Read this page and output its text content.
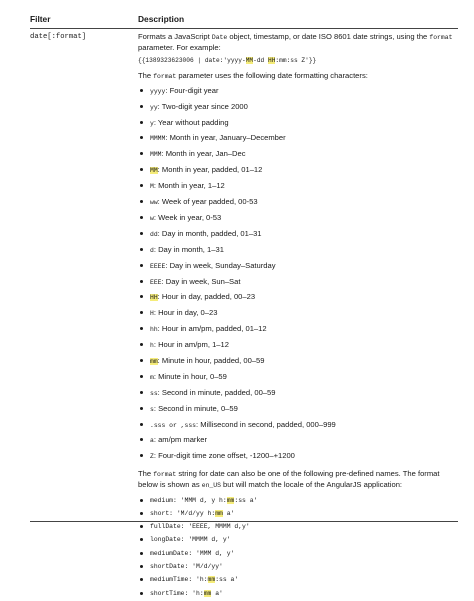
Filter	Description
date[:format]	Formats a JavaScript Date object, timestamp, or date ISO 8601 date strings, using the format parameter. For example:

{{1389323623006 | date:'yyyy-MM-dd HH:mm:ss Z'}}

The format parameter uses the following date formatting characters:

yyyy: Four-digit year
yy: Two-digit year since 2000
y: Year without padding
MMMM: Month in year, January–December
MMM: Month in year, Jan–Dec
MM: Month in year, padded, 01–12
M: Month in year, 1–12
ww: Week of year padded, 00-53
w: Week in year, 0-53
dd: Day in month, padded, 01–31
d: Day in month, 1–31
EEEE: Day in week, Sunday–Saturday
EEE: Day in week, Sun–Sat
HH: Hour in day, padded, 00–23
H: Hour in day, 0–23
hh: Hour in am/pm, padded, 01–12
h: Hour in am/pm, 1–12
mm: Minute in hour, padded, 00–59
m: Minute in hour, 0–59
ss: Second in minute, padded, 00–59
s: Second in minute, 0–59
.sss or ,sss: Millisecond in second, padded, 000–999
a: am/pm marker
Z: Four-digit time zone offset, -1200–+1200

The format string for date can also be one of the following pre-defined names. The format below is shown as en_US but will match the locale of the AngularJS application:

medium: 'MMM d, y h:mm:ss a'
short: 'M/d/yy h:mm a'
fullDate: 'EEEE, MMMM d,y'
longDate: 'MMMM d, y'
mediumDate: 'MMM d, y'
shortDate: 'M/d/yy'
mediumTime: 'h:mm:ss a'
shortTime: 'h:mm a'
